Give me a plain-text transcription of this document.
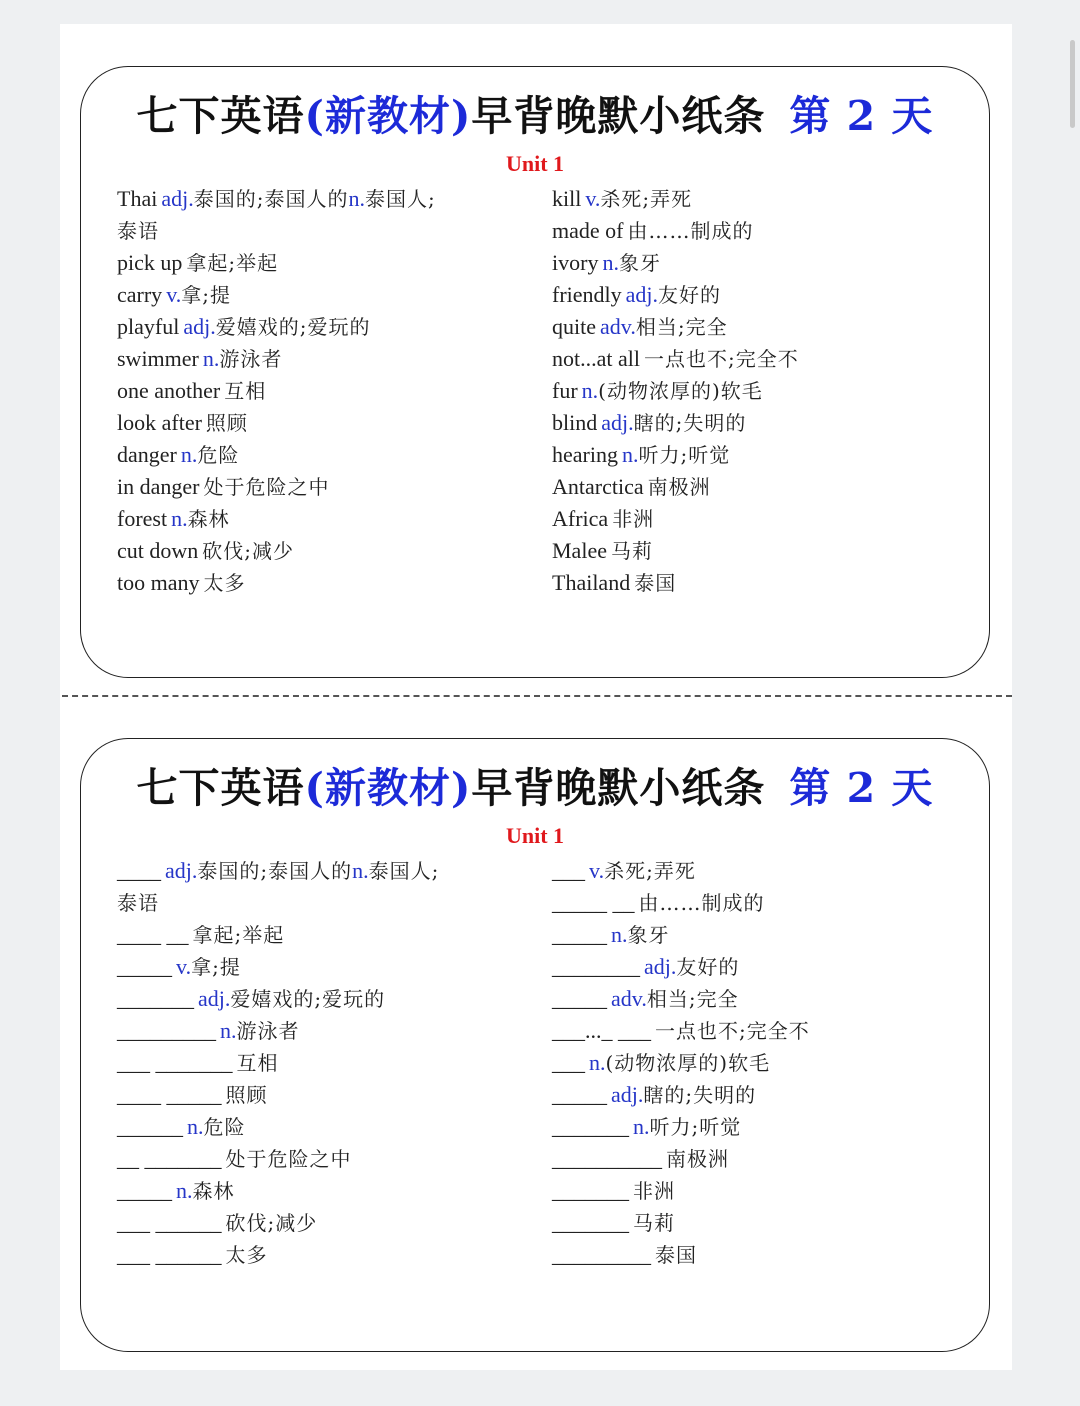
七下英语(新教材)早背晚默小纸条 第 2 天
Unit 1
Thai adj.泰国的;泰国人的n.泰国人;
泰语
pick up 拿起;举起
carry v.拿;提
playful adj.爱嬉戏的;爱玩的
swimmer n.游泳者
one another 互相
look after 照顾
danger n.危险
in danger 处于危险之中
forest n.森林
cut down 砍伐;减少
too many 太多
kill v.杀死;弄死
made of 由……制成的
ivory n.象牙
friendly adj.友好的
quite adv.相当;完全
not...at all 一点也不;完全不
fur n.(动物浓厚的)软毛
blind adj.瞎的;失明的
hearing n.听力;听觉
Antarctica 南极洲
Africa 非洲
Malee 马莉
Thailand 泰国
七下英语(新教材)早背晚默小纸条 第 2 天
Unit 1
____ adj.泰国的;泰国人的n.泰国人;
泰语
____ __ 拿起;举起
_____ v.拿;提
_______ adj.爱嬉戏的;爱玩的
_________ n.游泳者
___ _______ 互相
____ _____ 照顾
______ n.危险
__ _______ 处于危险之中
_____ n.森林
___ ______ 砍伐;减少
___ ______ 太多
___ v.杀死;弄死
_____ __ 由……制成的
_____ n.象牙
________ adj.友好的
_____ adv.相当;完全
___..._ ___ 一点也不;完全不
___ n.(动物浓厚的)软毛
_____ adj.瞎的;失明的
_______ n.听力;听觉
__________ 南极洲
_______ 非洲
_______ 马莉
_________ 泰国
